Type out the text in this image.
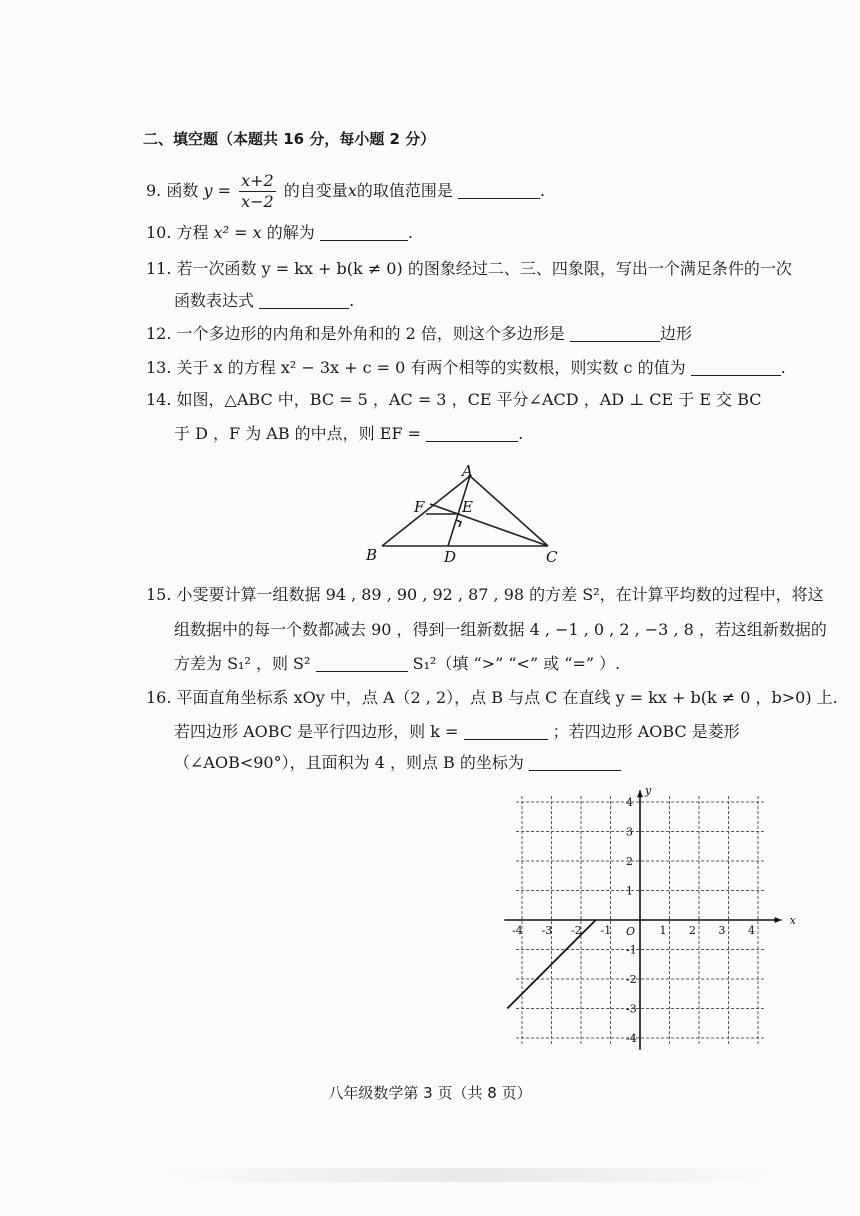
二、填空题（本题共 16 分，每小题 2 分）
9. 函数 $y = \frac{x+2}{x-2}$ 的自变量x的取值范围是	.
10. 方程 x² = x 的解为	.
11. 若一次函数 y = kx + b(k ≠ 0) 的图象经过二、三、四象限，写出一个满足条件的一次
函数表达式	.
12. 一个多边形的内角和是外角和的 2 倍，则这个多边形是	边形
13. 关于 x 的方程 x² − 3x + c = 0 有两个相等的实数根，则实数 c 的值为	.
14. 如图，△ABC 中，BC = 5 ，AC = 3 ，CE 平分∠ACD ，AD ⊥ CE 于 E 交 BC
于 D ，F 为 AB 的中点，则 EF =	.
A
B	C
D
E
F
15. 小雯要计算一组数据 94 , 89 , 90 , 92 , 87 , 98 的方差 S²，在计算平均数的过程中，将这
组数据中的每一个数都减去 90 ，得到一组新数据 4 , −1 , 0 , 2 , −3 , 8 ，若这组新数据的
方差为 S₁² ，则 S²	S₁²（填 “>” “<” 或 “=” ）.
16. 平面直角坐标系 xOy 中，点 A（2 , 2），点 B 与点 C 在直线 y = kx + b(k ≠ 0 ，b>0) 上.
若四边形 AOBC 是平行四边形，则 k =	；若四边形 AOBC 是菱形
（∠AOB<90°），且面积为 4 ，则点 B 的坐标为
x
y
O
-4 -3 -2 -1	1 2 3 4
4
3
2
1
-1
-2
-3
-4
八年级数学第 3 页（共 8 页）
